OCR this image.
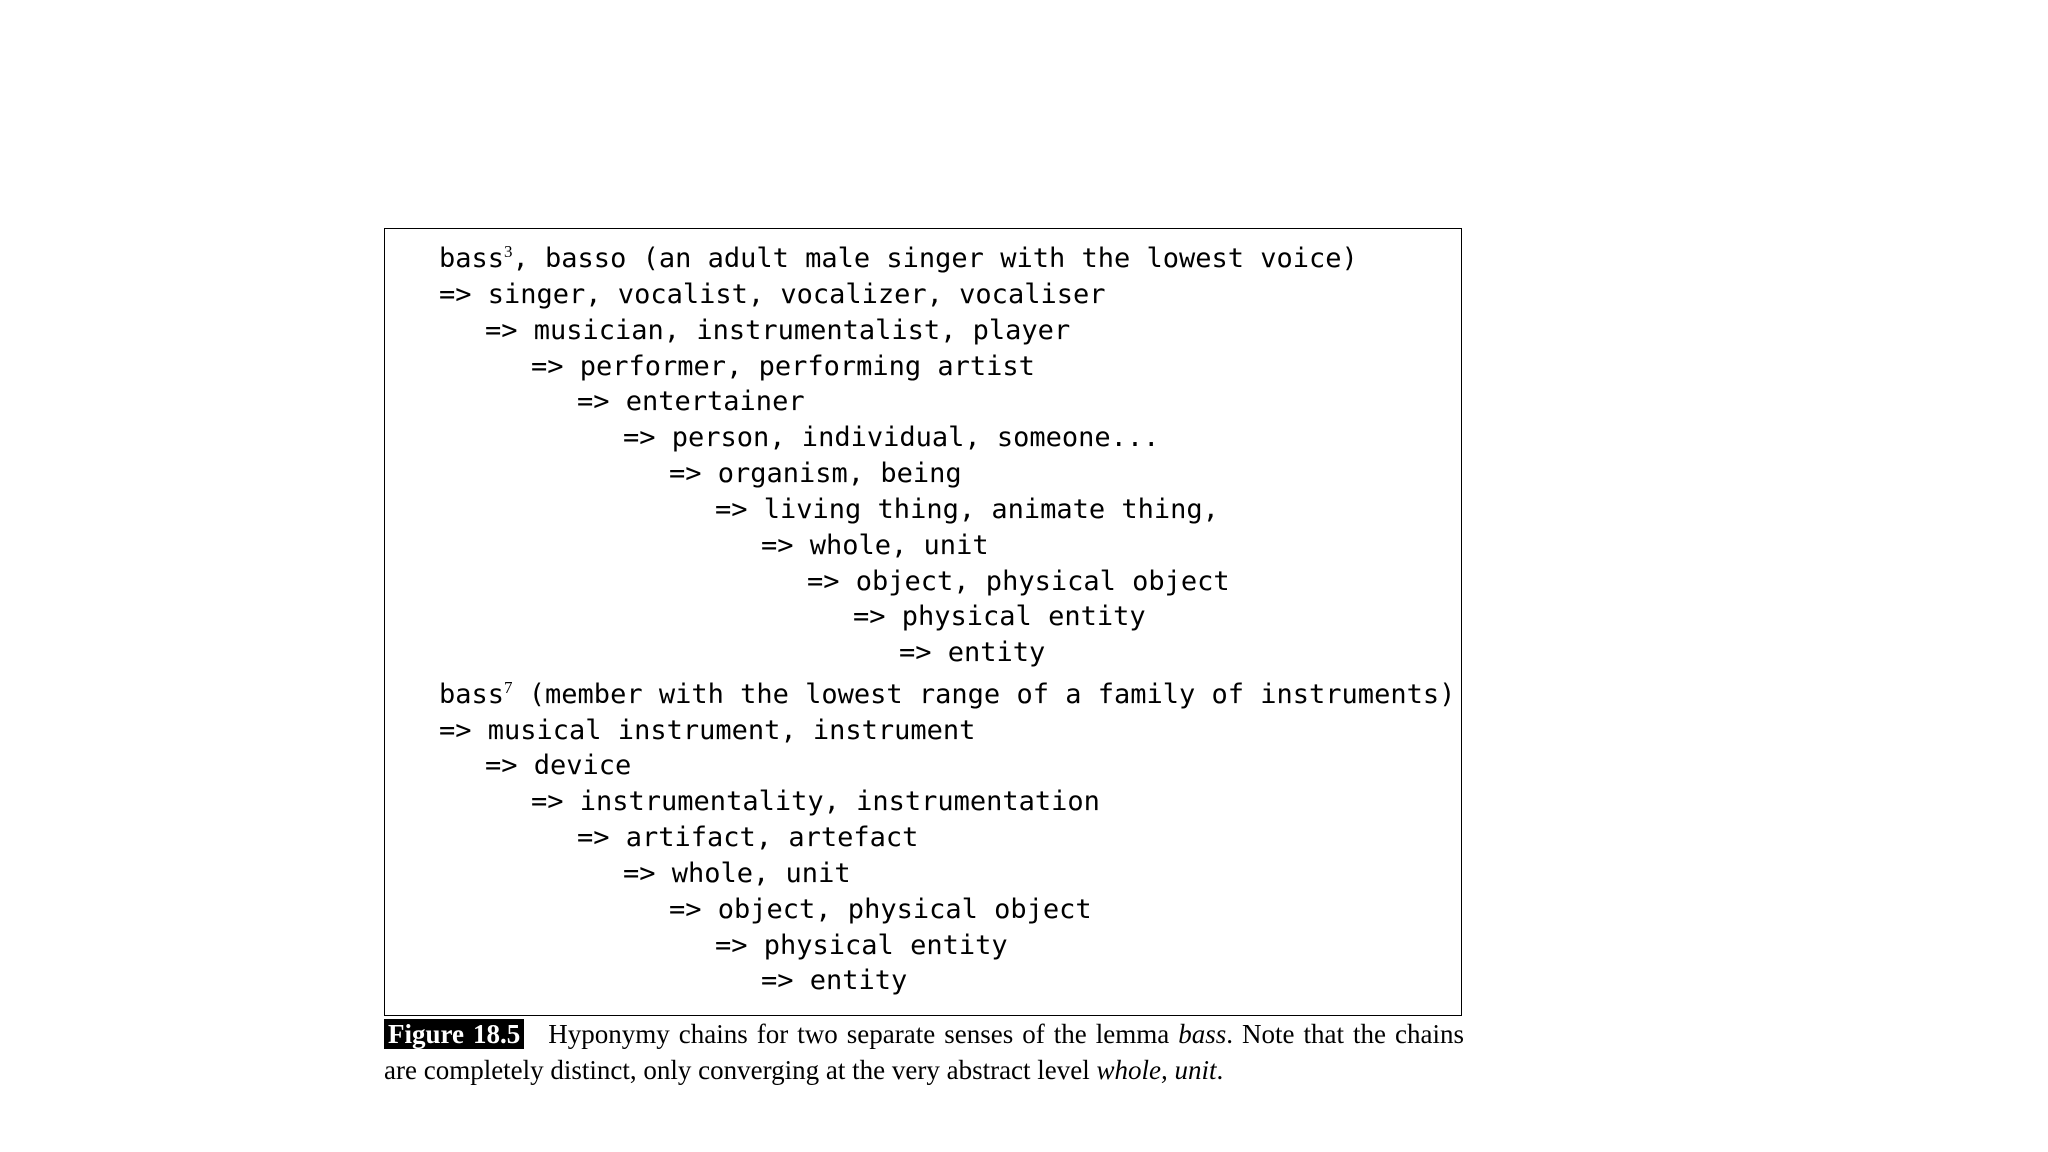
bass$^3$, basso (an adult male singer with the lowest voice)
=> singer, vocalist, vocalizer, vocaliser
=> musician, instrumentalist, player
=> performer, performing artist
=> entertainer
=> person, individual, someone...
=> organism, being
=> living thing, animate thing,
=> whole, unit
=> object, physical object
=> physical entity
=> entity
bass$^7$ (member with the lowest range of a family of instruments)
=> musical instrument, instrument
=> device
=> instrumentality, instrumentation
=> artifact, artefact
=> whole, unit
=> object, physical object
=> physical entity
=> entity
Figure 18.5 Hyponymy chains for two separate senses of the lemma bass. Note that the chains are completely distinct, only converging at the very abstract level whole, unit.
